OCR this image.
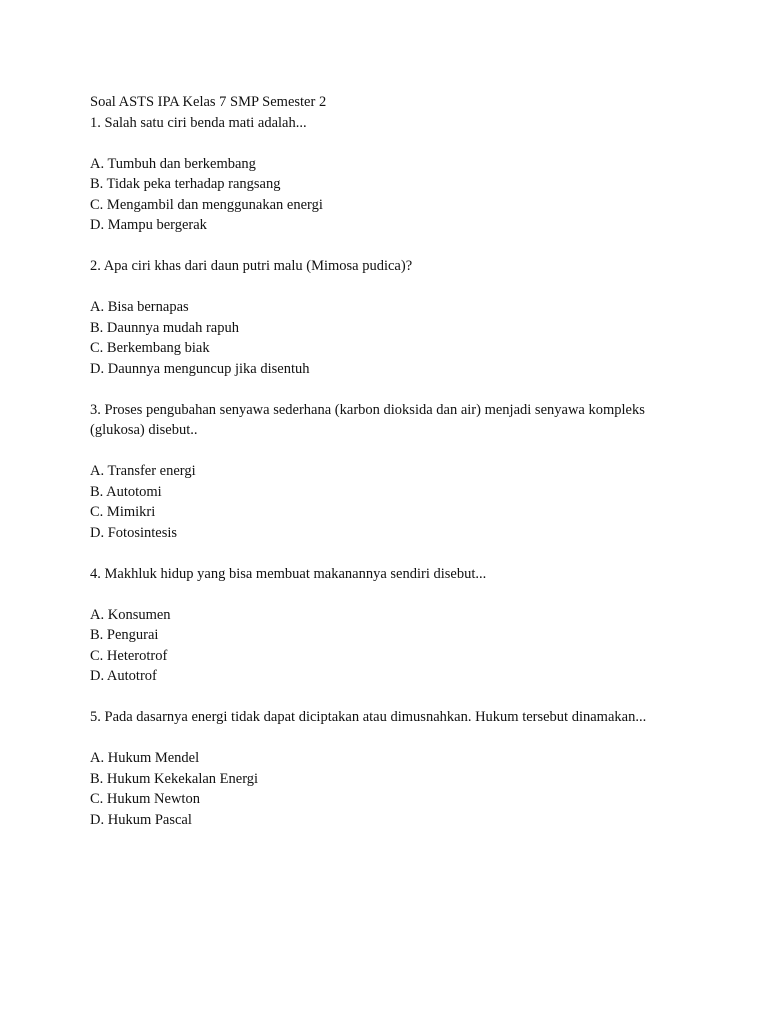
Soal ASTS IPA Kelas 7 SMP Semester 2
1. Salah satu ciri benda mati adalah...
A. Tumbuh dan berkembang
B. Tidak peka terhadap rangsang
C. Mengambil dan menggunakan energi
D. Mampu bergerak
2. Apa ciri khas dari daun putri malu (Mimosa pudica)?
A. Bisa bernapas
B. Daunnya mudah rapuh
C. Berkembang biak
D. Daunnya menguncup jika disentuh
3. Proses pengubahan senyawa sederhana (karbon dioksida dan air) menjadi senyawa kompleks (glukosa) disebut..
A. Transfer energi
B. Autotomi
C. Mimikri
D. Fotosintesis
4. Makhluk hidup yang bisa membuat makanannya sendiri disebut...
A. Konsumen
B. Pengurai
C. Heterotrof
D. Autotrof
5. Pada dasarnya energi tidak dapat diciptakan atau dimusnahkan. Hukum tersebut dinamakan...
A. Hukum Mendel
B. Hukum Kekekalan Energi
C. Hukum Newton
D. Hukum Pascal
